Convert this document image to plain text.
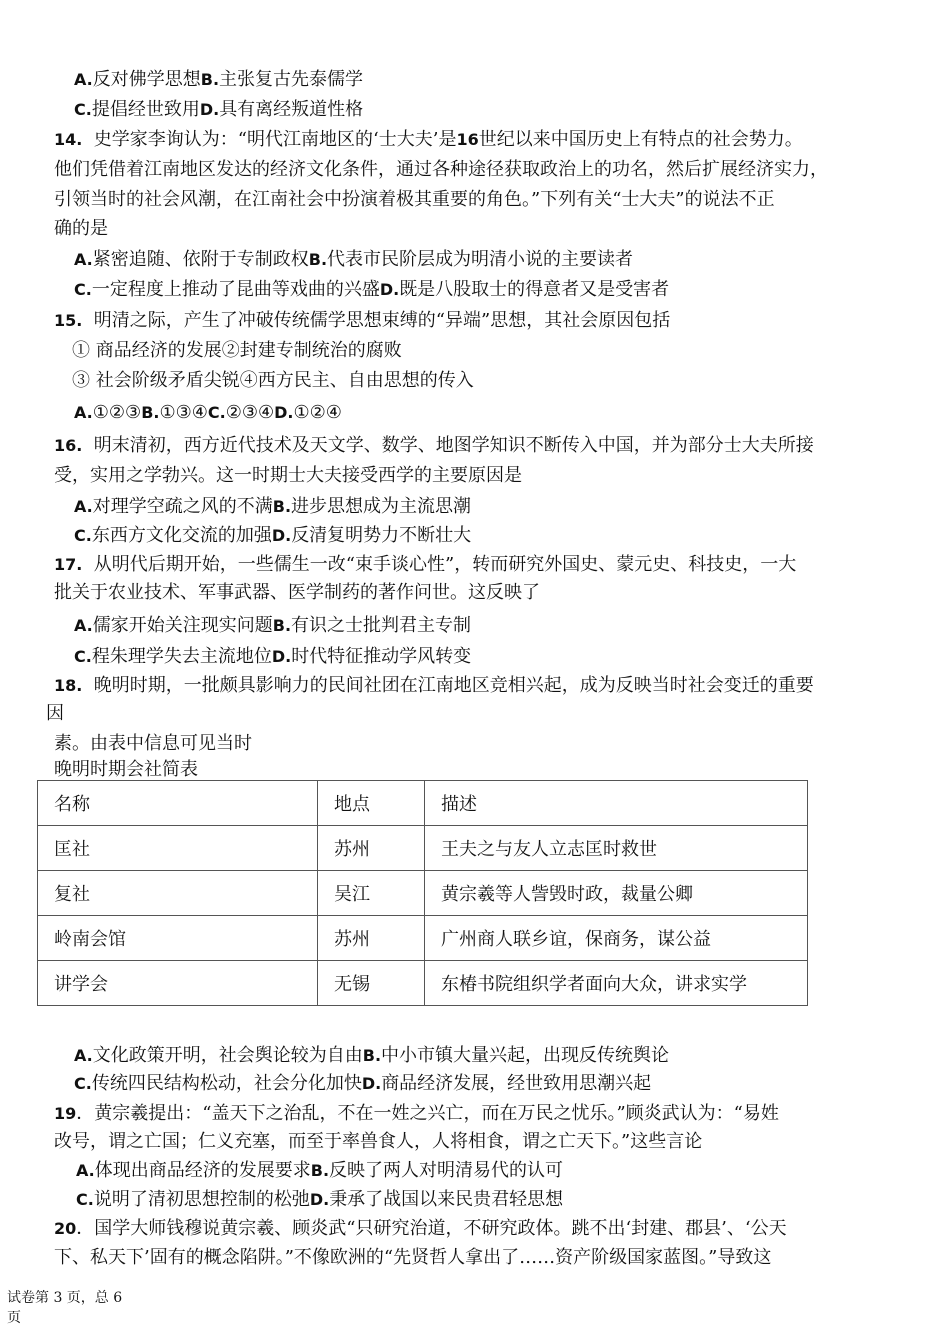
A.反对佛学思想B.主张复古先泰儒学
C.提倡经世致用D.具有离经叛道性格
14. 史学家李询认为：“明代江南地区的‘士大夫’是16世纪以来中国历史上有特点的社会势力。
他们凭借着江南地区发达的经济文化条件，通过各种途径获取政治上的功名，然后扩展经济实力，
引领当时的社会风潮，在江南社会中扮演着极其重要的角色。”下列有关“士大夫”的说法不正
确的是
A.紧密追随、依附于专制政权B.代表市民阶层成为明清小说的主要读者
C.一定程度上推动了昆曲等戏曲的兴盛D.既是八股取士的得意者又是受害者
15. 明清之际，产生了冲破传统儒学思想束缚的“异端”思想，其社会原因包括
① 商品经济的发展②封建专制统治的腐败
③ 社会阶级矛盾尖锐④西方民主、自由思想的传入
A.①②③B.①③④C.②③④D.①②④
16. 明末清初，西方近代技术及天文学、数学、地图学知识不断传入中国，并为部分士大夫所接
受，实用之学勃兴。这一时期士大夫接受西学的主要原因是
A.对理学空疏之风的不满B.进步思想成为主流思潮
C.东西方文化交流的加强D.反清复明势力不断壮大
17. 从明代后期开始，一些儒生一改“束手谈心性”，转而研究外国史、蒙元史、科技史，一大
批关于农业技术、军事武器、医学制药的著作问世。这反映了
A.儒家开始关注现实问题B.有识之士批判君主专制
C.程朱理学失去主流地位D.时代特征推动学风转变
18. 晚明时期，一批颇具影响力的民间社团在江南地区竞相兴起，成为反映当时社会变迁的重要
因
素。由表中信息可见当时
晚明时期会社简表
名称	地点	描述
匡社	苏州	王夫之与友人立志匡时救世
复社	吴江	黄宗羲等人訾毁时政，裁量公卿
岭南会馆	苏州	广州商人联乡谊，保商务，谋公益
讲学会	无锡	东椿书院组织学者面向大众，讲求实学
A.文化政策开明，社会舆论较为自由B.中小市镇大量兴起，出现反传统舆论
C.传统四民结构松动，社会分化加快D.商品经济发展，经世致用思潮兴起
19．黄宗羲提出：“盖天下之治乱，不在一姓之兴亡，而在万民之忧乐。”顾炎武认为：“易姓
改号，谓之亡国；仁义充塞，而至于率兽食人，人将相食，谓之亡天下。”这些言论
A.体现出商品经济的发展要求B.反映了两人对明清易代的认可
C.说明了清初思想控制的松弛D.秉承了战国以来民贵君轻思想
20．国学大师钱穆说黄宗羲、顾炎武“只研究治道，不研究政体。跳不出‘封建、郡县’、‘公天
下、私天下’固有的概念陷阱。”不像欧洲的“先贤哲人拿出了……资产阶级国家蓝图。”导致这
试卷第 3 页，总 6
页
